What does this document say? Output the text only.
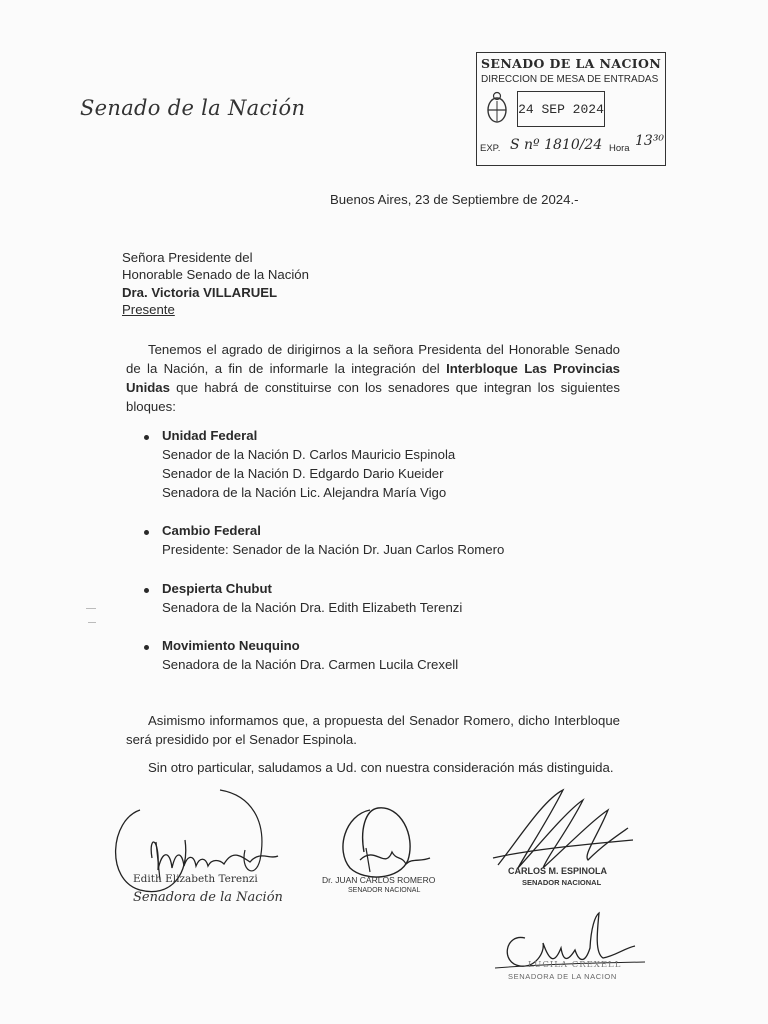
Senado de la Nación
SENADO DE LA NACION
DIRECCION DE MESA DE ENTRADAS
24 SEP 2024
EXP. S nº 1810/24 Hora 13³⁰
Buenos Aires, 23 de Septiembre de 2024.-
Señora Presidente del
Honorable Senado de la Nación
Dra. Victoria VILLARUEL
Presente
Tenemos el agrado de dirigirnos a la señora Presidenta del Honorable Senado de la Nación, a fin de informarle la integración del Interbloque Las Provincias Unidas que habrá de constituirse con los senadores que integran los siguientes bloques:
Unidad Federal
Senador de la Nación D. Carlos Mauricio Espinola
Senador de la Nación D. Edgardo Dario Kueider
Senadora de la Nación Lic. Alejandra María Vigo
Cambio Federal
Presidente: Senador de la Nación Dr. Juan Carlos Romero
Despierta Chubut
Senadora de la Nación Dra. Edith Elizabeth Terenzi
Movimiento Neuquino
Senadora de la Nación Dra. Carmen Lucila Crexell
Asimismo informamos que, a propuesta del Senador Romero, dicho Interbloque será presidido por el Senador Espinola.
Sin otro particular, saludamos a Ud. con nuestra consideración más distinguida.
Edith Elizabeth Terenzi
Senadora de la Nación
Dr. JUAN CARLOS ROMERO
SENADOR NACIONAL
CARLOS M. ESPINOLA
SENADOR NACIONAL
LUCILA CREXELL
SENADORA DE LA NACION
